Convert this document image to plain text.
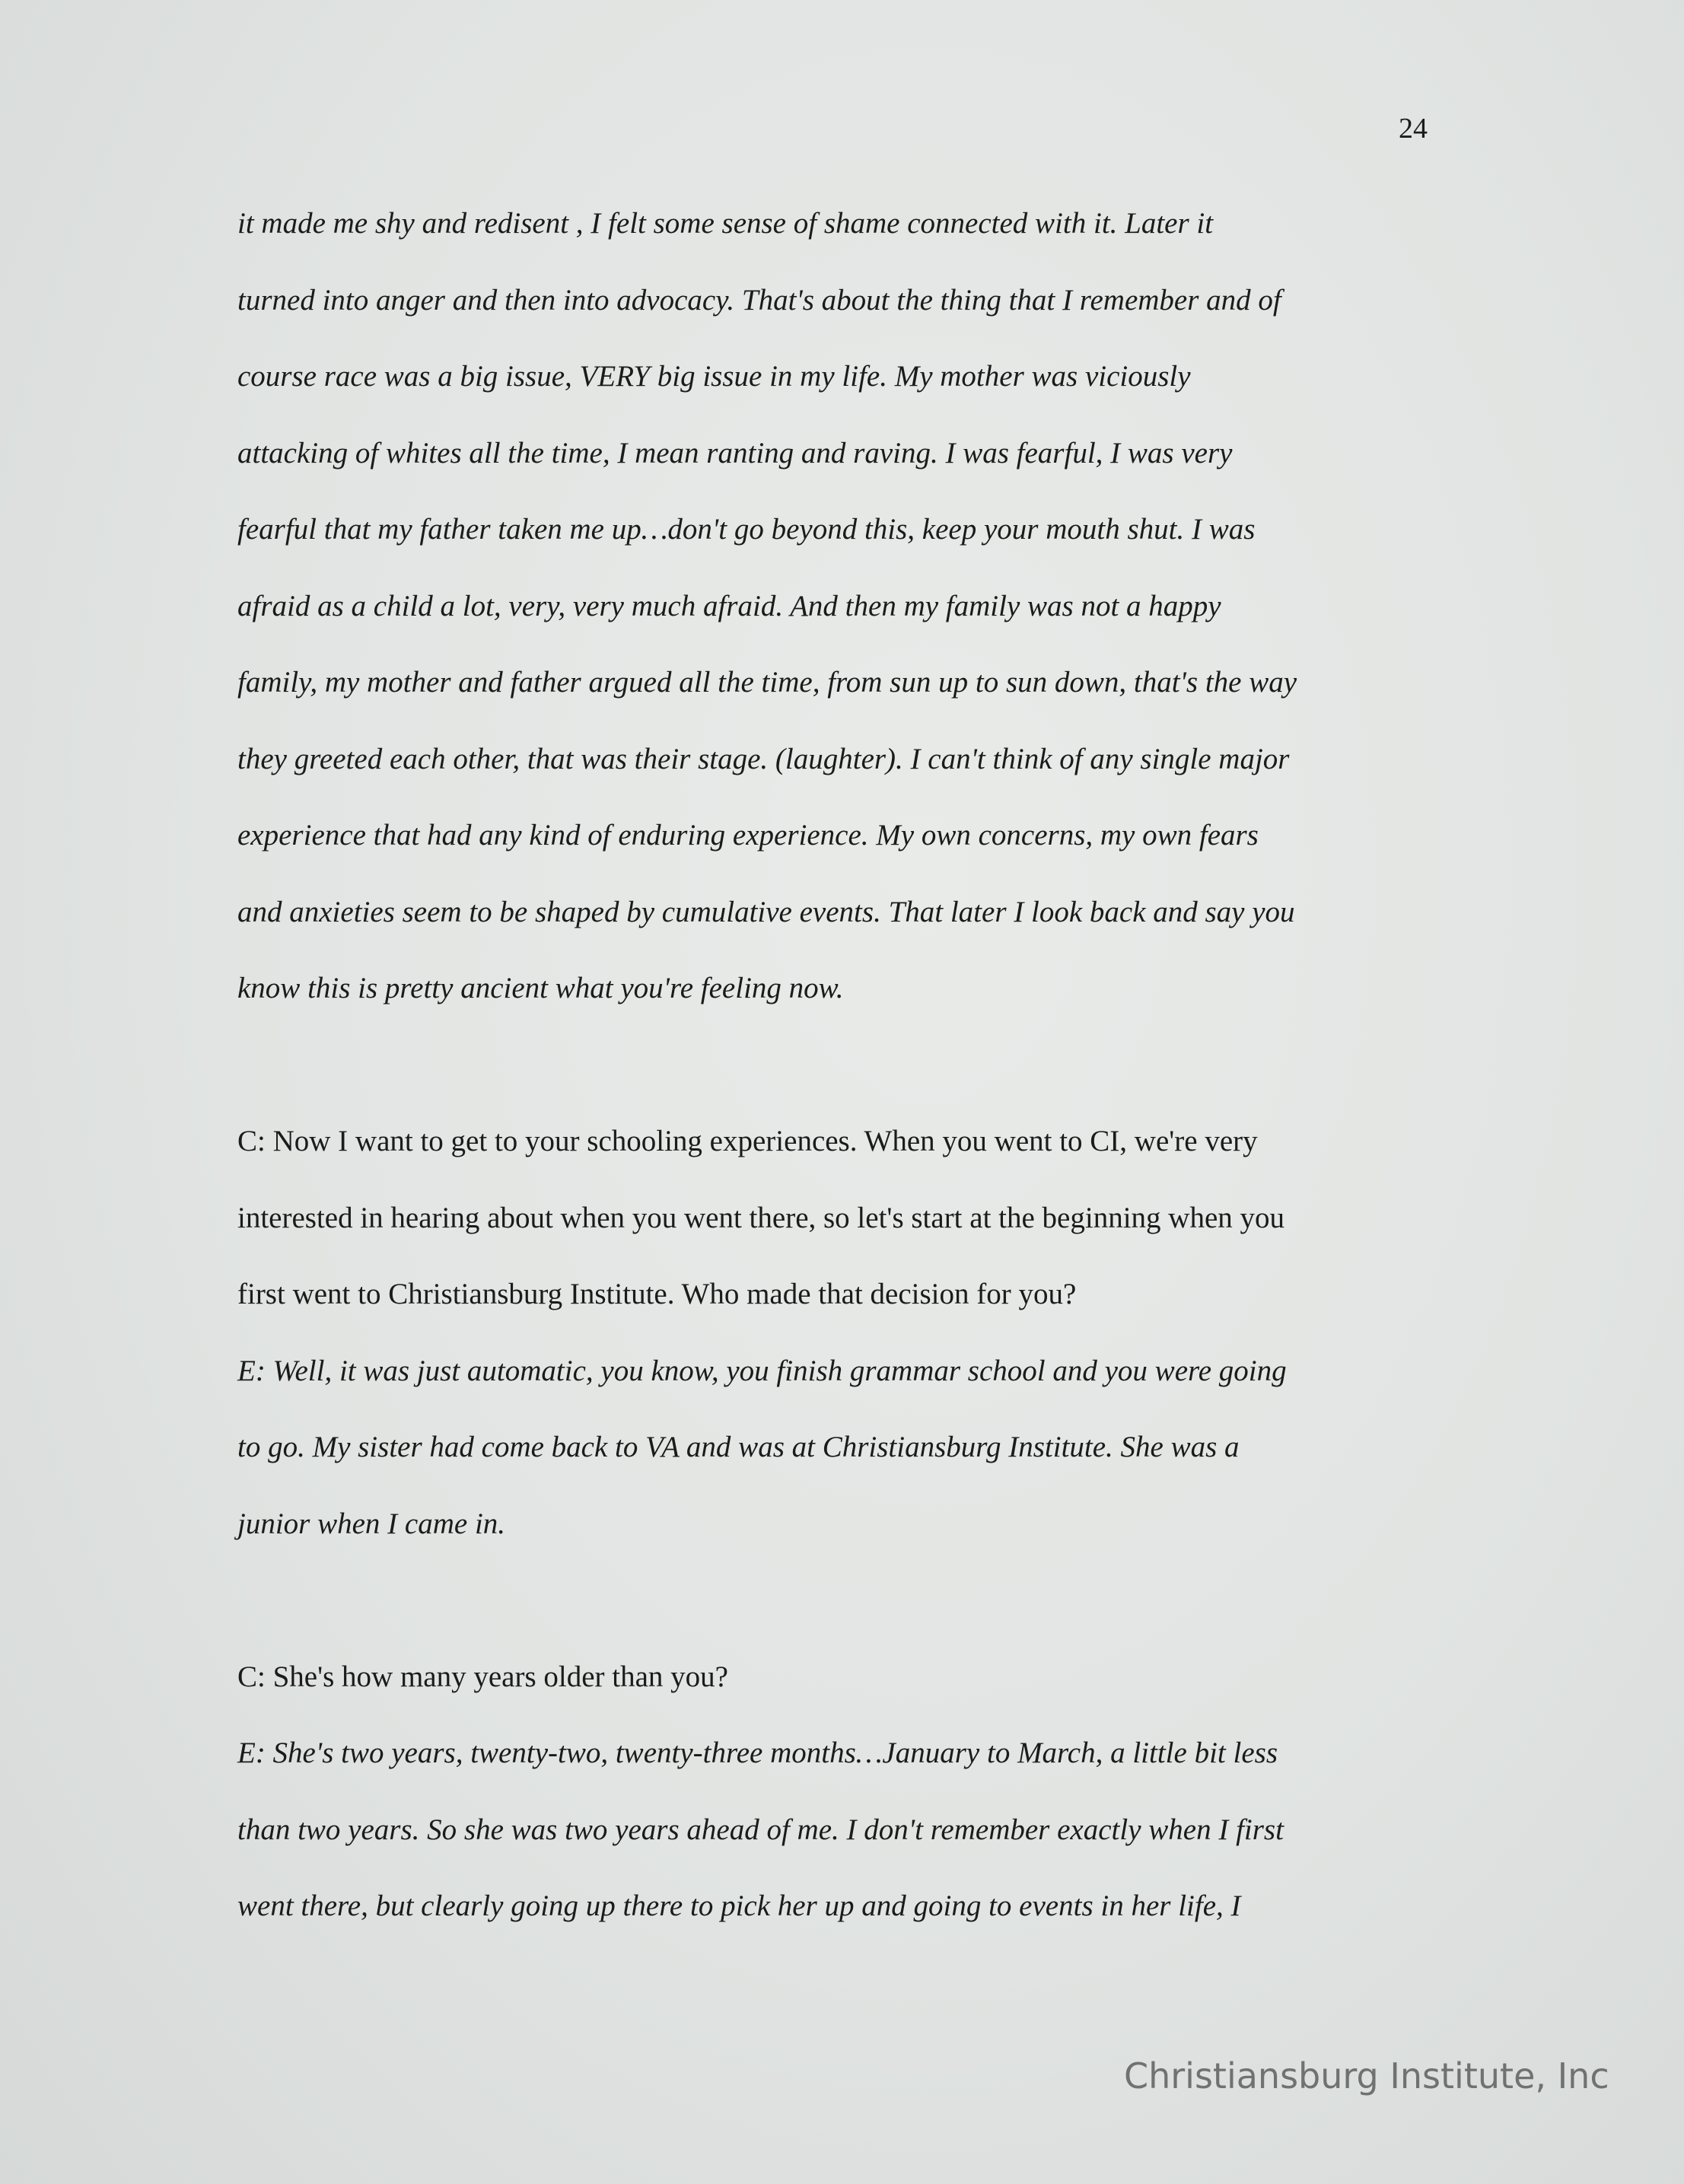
24
it made me shy and redisent , I felt some sense of shame connected with it. Later it
turned into anger and then into advocacy. That's about the thing that I remember and of
course race was a big issue, VERY big issue in my life. My mother was viciously
attacking of whites all the time, I mean ranting and raving. I was fearful, I was very
fearful that my father taken me up…don't go beyond this, keep your mouth shut. I was
afraid as a child a lot, very, very much afraid. And then my family was not a happy
family, my mother and father argued all the time, from sun up to sun down, that's the way
they greeted each other, that was their stage. (laughter). I can't think of any single major
experience that had any kind of enduring experience. My own concerns, my own fears
and anxieties seem to be shaped by cumulative events. That later I look back and say you
know this is pretty ancient what you're feeling now.
C: Now I want to get to your schooling experiences. When you went to CI, we're very
interested in hearing about when you went there, so let's start at the beginning when you
first went to Christiansburg Institute. Who made that decision for you?
E: Well, it was just automatic, you know, you finish grammar school and you were going
to go. My sister had come back to VA and was at Christiansburg Institute. She was a
junior when I came in.
C: She's how many years older than you?
E: She's two years, twenty-two, twenty-three months…January to March, a little bit less
than two years. So she was two years ahead of me. I don't remember exactly when I first
went there, but clearly going up there to pick her up and going to events in her life, I
Christiansburg Institute, Inc
